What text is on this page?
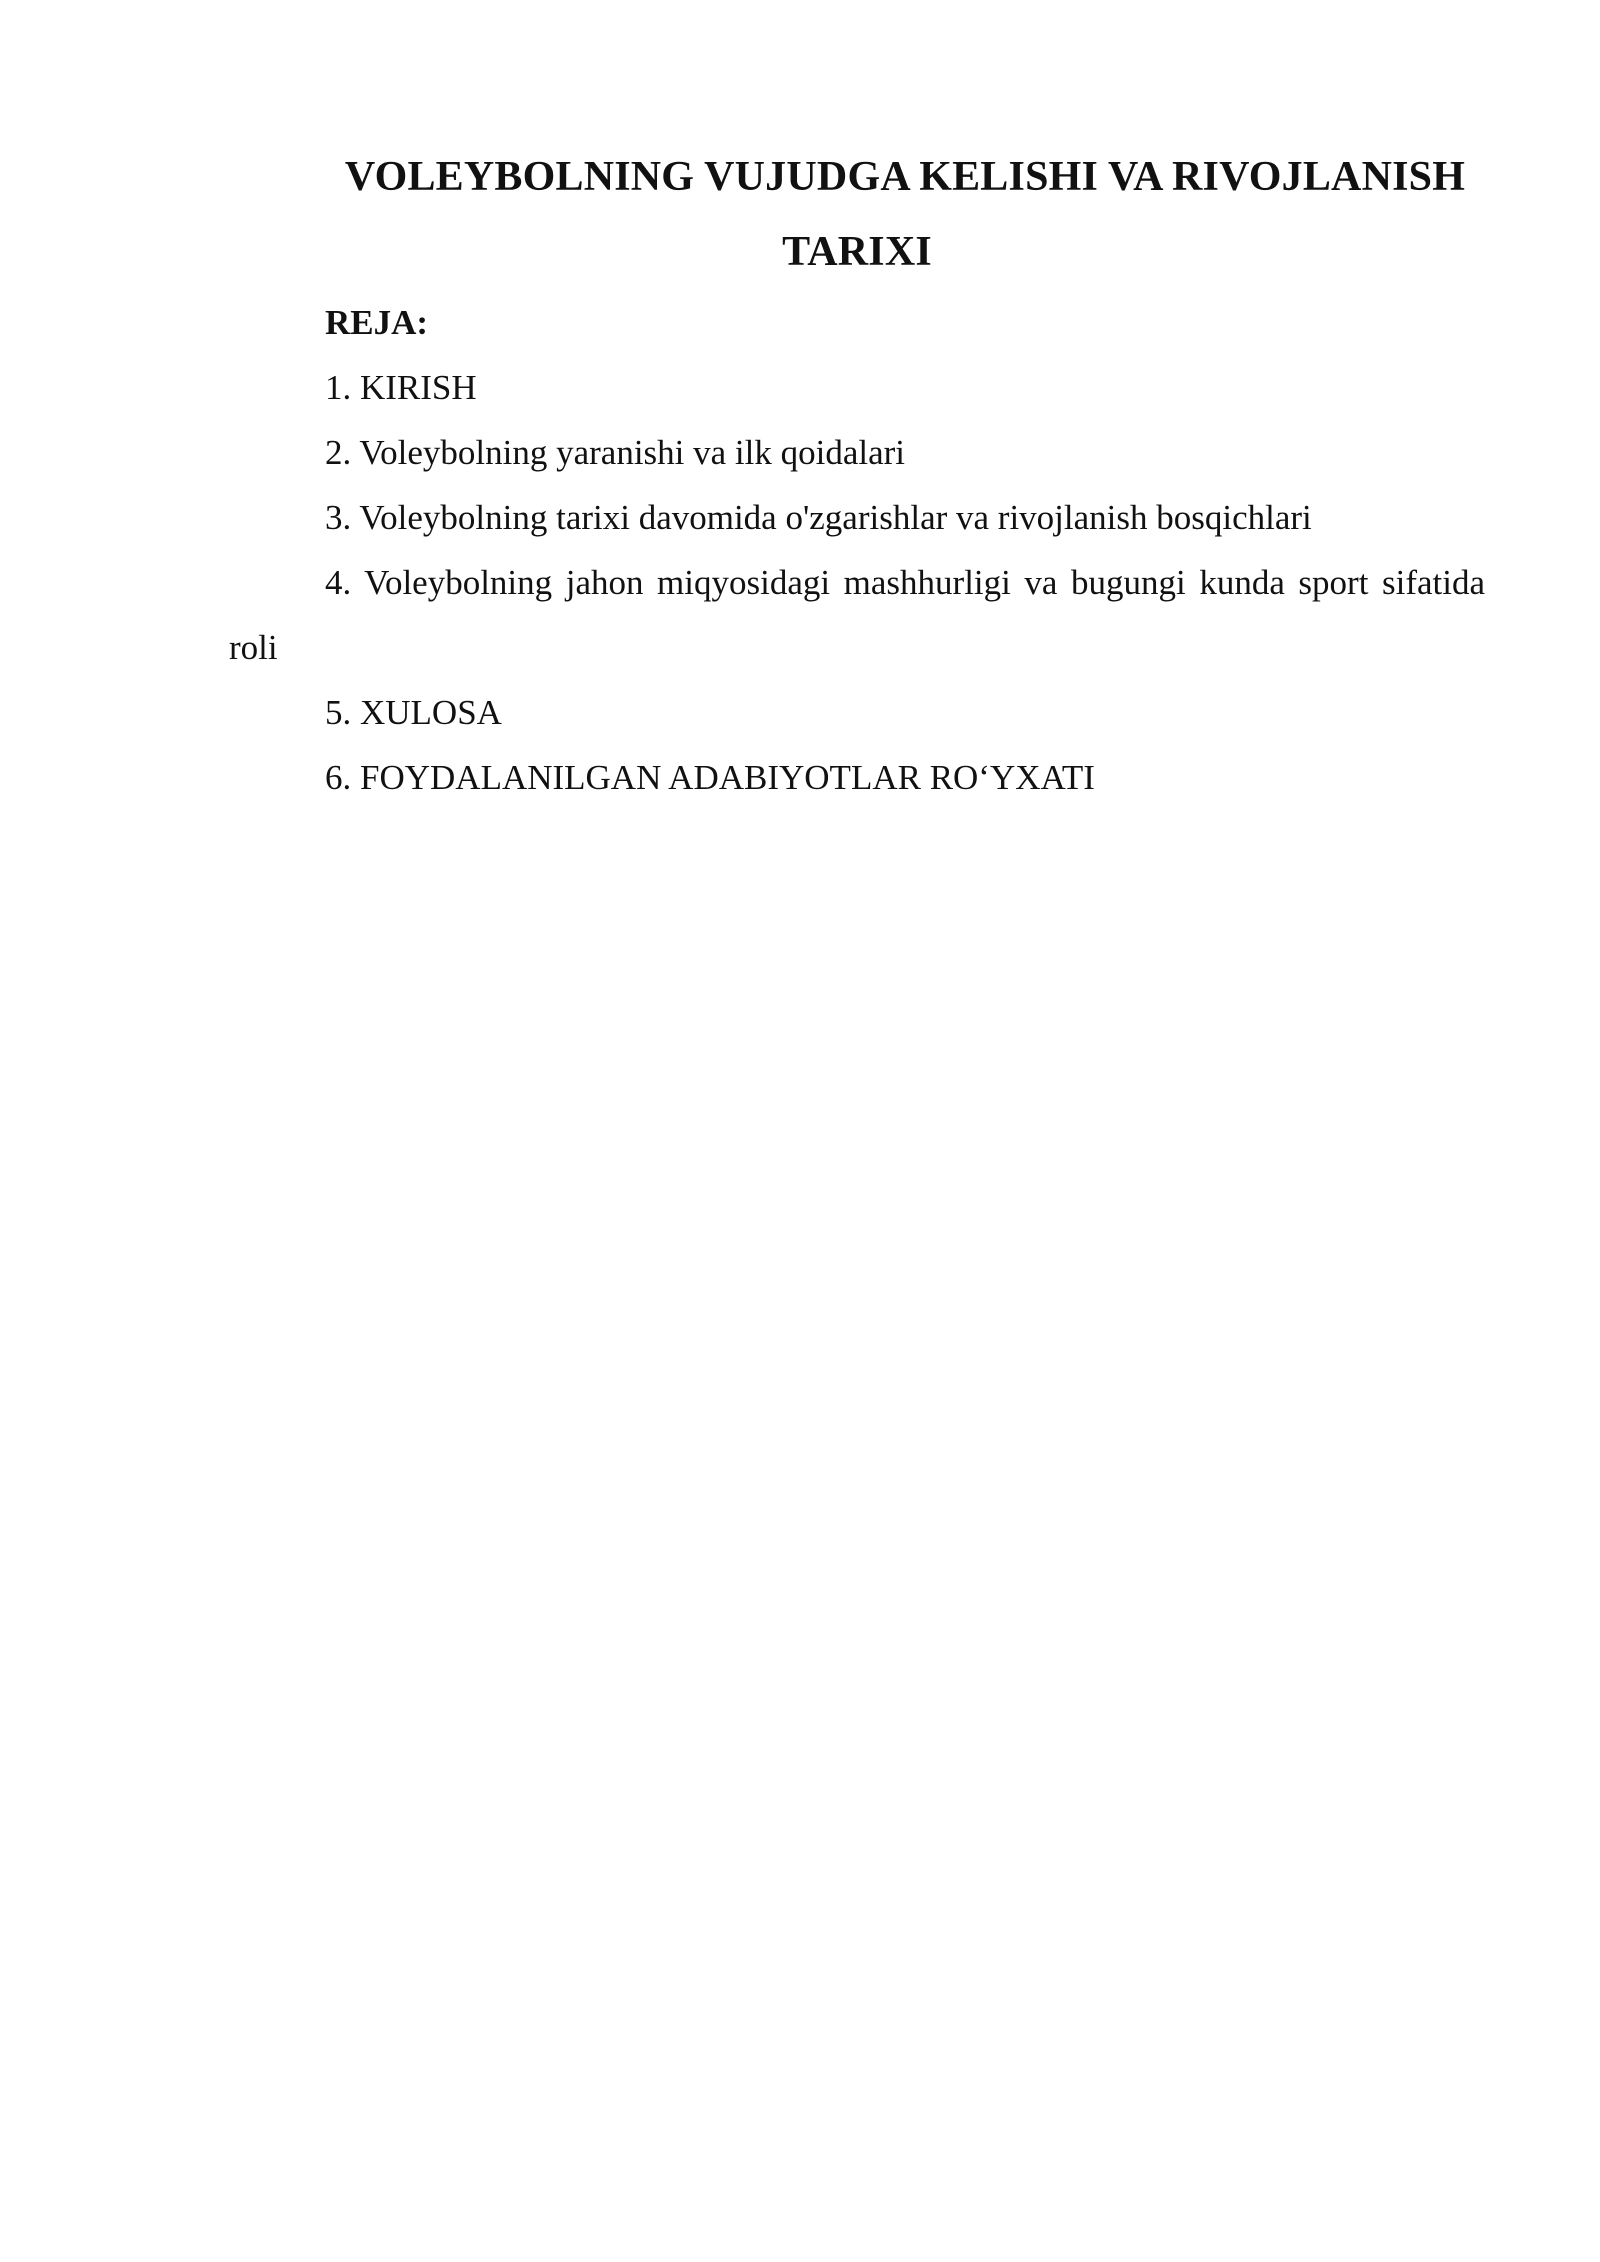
VOLEYBOLNING VUJUDGA KELISHI VA RIVOJLANISH TARIXI

REJA:

1. KIRISH

2. Voleybolning yaranishi va ilk qoidalari

3. Voleybolning tarixi davomida o'zgarishlar va rivojlanish bosqichlari

4. Voleybolning jahon miqyosidagi mashhurligi va bugungi kunda sport sifatida roli

5. XULOSA

6. FOYDALANILGAN ADABIYOTLAR RO‘YXATI
